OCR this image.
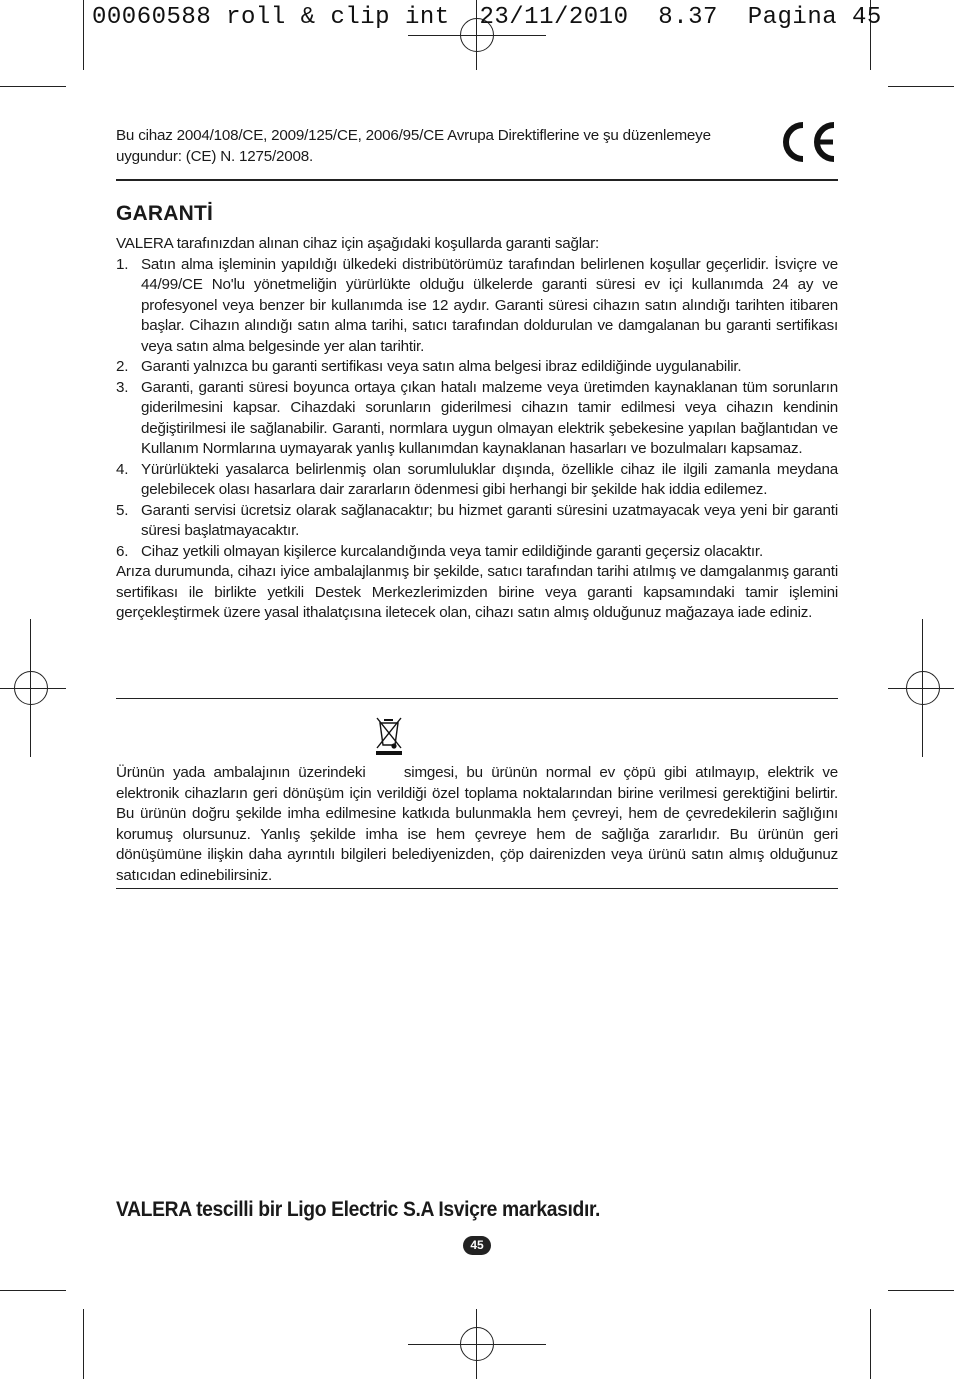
00060588 roll & clip int  23/11/2010  8.37  Pagina 45
Bu cihaz 2004/108/CE, 2009/125/CE, 2006/95/CE Avrupa Direktiflerine ve şu düzenlemeye uygundur: (CE) N. 1275/2008.
GARANTİ
VALERA tarafınızdan alınan cihaz için aşağıdaki koşullarda garanti sağlar:
1. Satın alma işleminin yapıldığı ülkedeki distribütörümüz tarafından belirlenen koşullar geçerlidir. İsviçre ve 44/99/CE No'lu yönetmeliğin yürürlükte olduğu ülkelerde garanti süresi ev içi kullanımda 24 ay ve profesyonel veya benzer bir kullanımda ise 12 aydır. Garanti süresi cihazın satın alındığı tarihten itibaren başlar. Cihazın alındığı satın alma tarihi, satıcı tarafından doldurulan ve damgalanan bu garanti sertifikası veya satın alma belgesinde yer alan tarihtir.
2. Garanti yalnızca bu garanti sertifikası veya satın alma belgesi ibraz edildiğinde uygulanabilir.
3. Garanti, garanti süresi boyunca ortaya çıkan hatalı malzeme veya üretimden kaynaklanan tüm sorunların giderilmesini kapsar. Cihazdaki sorunların giderilmesi cihazın tamir edilmesi veya cihazın kendinin değiştirilmesi ile sağlanabilir. Garanti, normlara uygun olmayan elektrik şebekesine yapılan bağlantıdan ve Kullanım Normlarına uymayarak yanlış kullanımdan kaynaklanan hasarları ve bozulmaları kapsamaz.
4. Yürürlükteki yasalarca belirlenmiş olan sorumluluklar dışında, özellikle cihaz ile ilgili zamanla meydana gelebilecek olası hasarlara dair zararların ödenmesi gibi herhangi bir şekilde hak iddia edilemez.
5. Garanti servisi ücretsiz olarak sağlanacaktır; bu hizmet garanti süresini uzatmayacak veya yeni bir garanti süresi başlatmayacaktır.
6. Cihaz yetkili olmayan kişilerce kurcalandığında veya tamir edildiğinde garanti geçersiz olacaktır.
Arıza durumunda, cihazı iyice ambalajlanmış bir şekilde, satıcı tarafından tarihi atılmış ve damgalanmış garanti sertifikası ile birlikte yetkili Destek Merkezlerimizden birine veya garanti kapsamındaki tamir işlemini gerçekleştirmek üzere yasal ithalatçısına iletecek olan, cihazı satın almış olduğunuz mağazaya iade ediniz.
Ürünün yada ambalajının üzerindeki
simgesi, bu ürünün normal ev çöpü gibi atılmayıp, elektrik ve elektronik cihazların geri dönüşüm için verildiği özel toplama noktalarından birine verilmesi gerektiğini belirtir. Bu ürünün doğru şekilde imha edilmesine katkıda bulunmakla hem çevreyi, hem de çevredekilerin sağlığını korumuş olursunuz. Yanlış şekilde imha ise hem çevreye hem de sağlığa zararlıdır. Bu ürünün geri dönüşümüne ilişkin daha ayrıntılı bilgileri belediyenizden, çöp dairenizden veya ürünü satın almış olduğunuz satıcıdan edinebilirsiniz.
VALERA tescilli bir Ligo Electric S.A Isviçre markasıdır.
45
